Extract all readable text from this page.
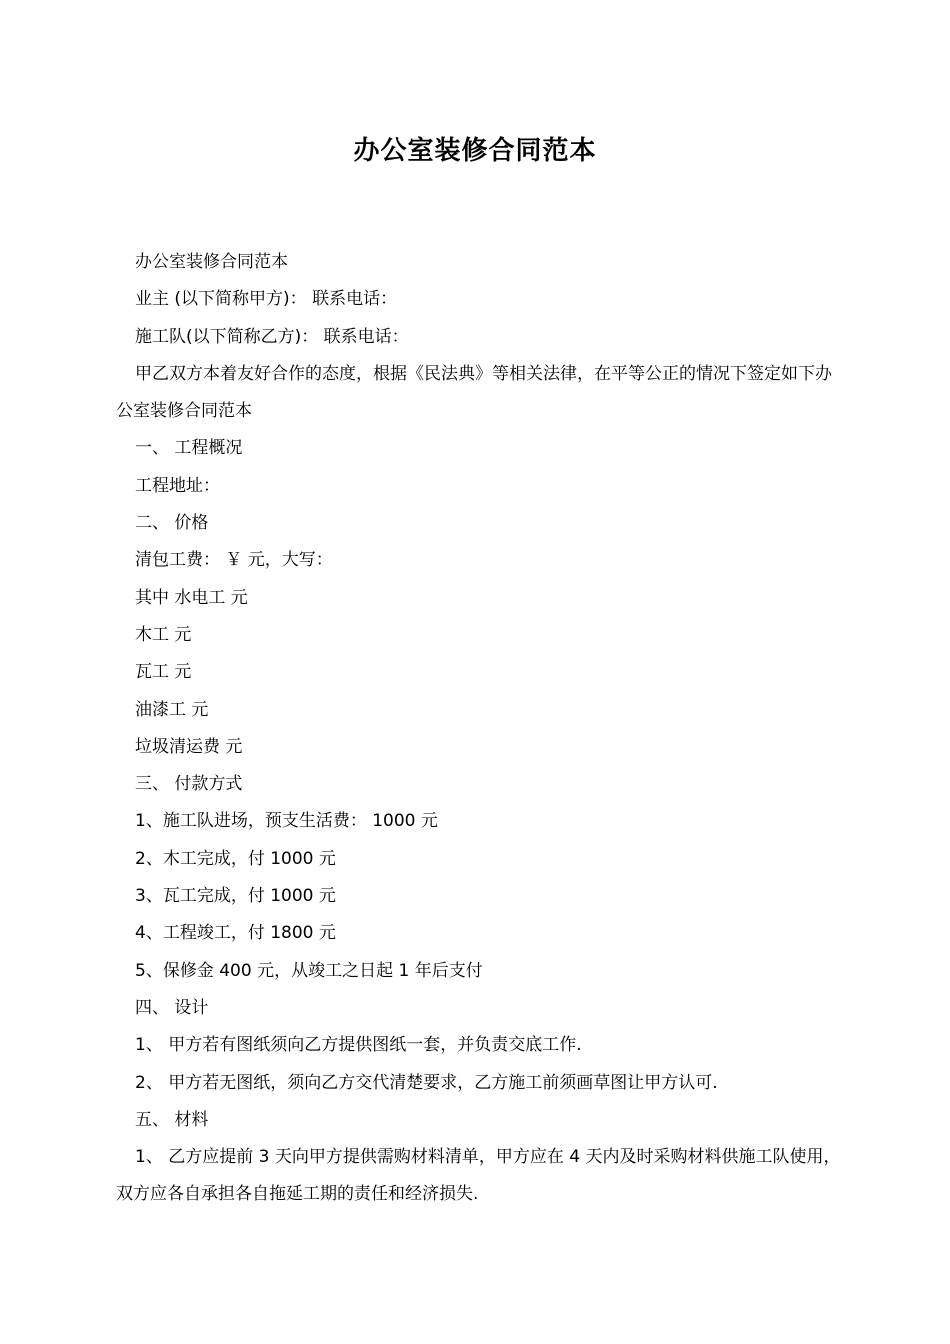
办公室装修合同范本

办公室装修合同范本

业主 (以下简称甲方)： 联系电话：

施工队(以下简称乙方)： 联系电话：

甲乙双方本着友好合作的态度，根据《民法典》等相关法律，在平等公正的情况下签定如下办公室装修合同范本

一、 工程概况

工程地址：

二、 价格

清包工费： ￥ 元，大写：

其中 水电工 元

木工 元

瓦工 元

油漆工 元

垃圾清运费 元

三、 付款方式

1、施工队进场，预支生活费： 1000 元

2、木工完成，付 1000 元

3、瓦工完成，付 1000 元

4、工程竣工，付 1800 元

5、保修金 400 元，从竣工之日起 1 年后支付

四、 设计

1、 甲方若有图纸须向乙方提供图纸一套，并负责交底工作.

2、 甲方若无图纸，须向乙方交代清楚要求，乙方施工前须画草图让甲方认可.

五、 材料

1、 乙方应提前 3 天向甲方提供需购材料清单，甲方应在 4 天内及时采购材料供施工队使用，双方应各自承担各自拖延工期的责任和经济损失.
